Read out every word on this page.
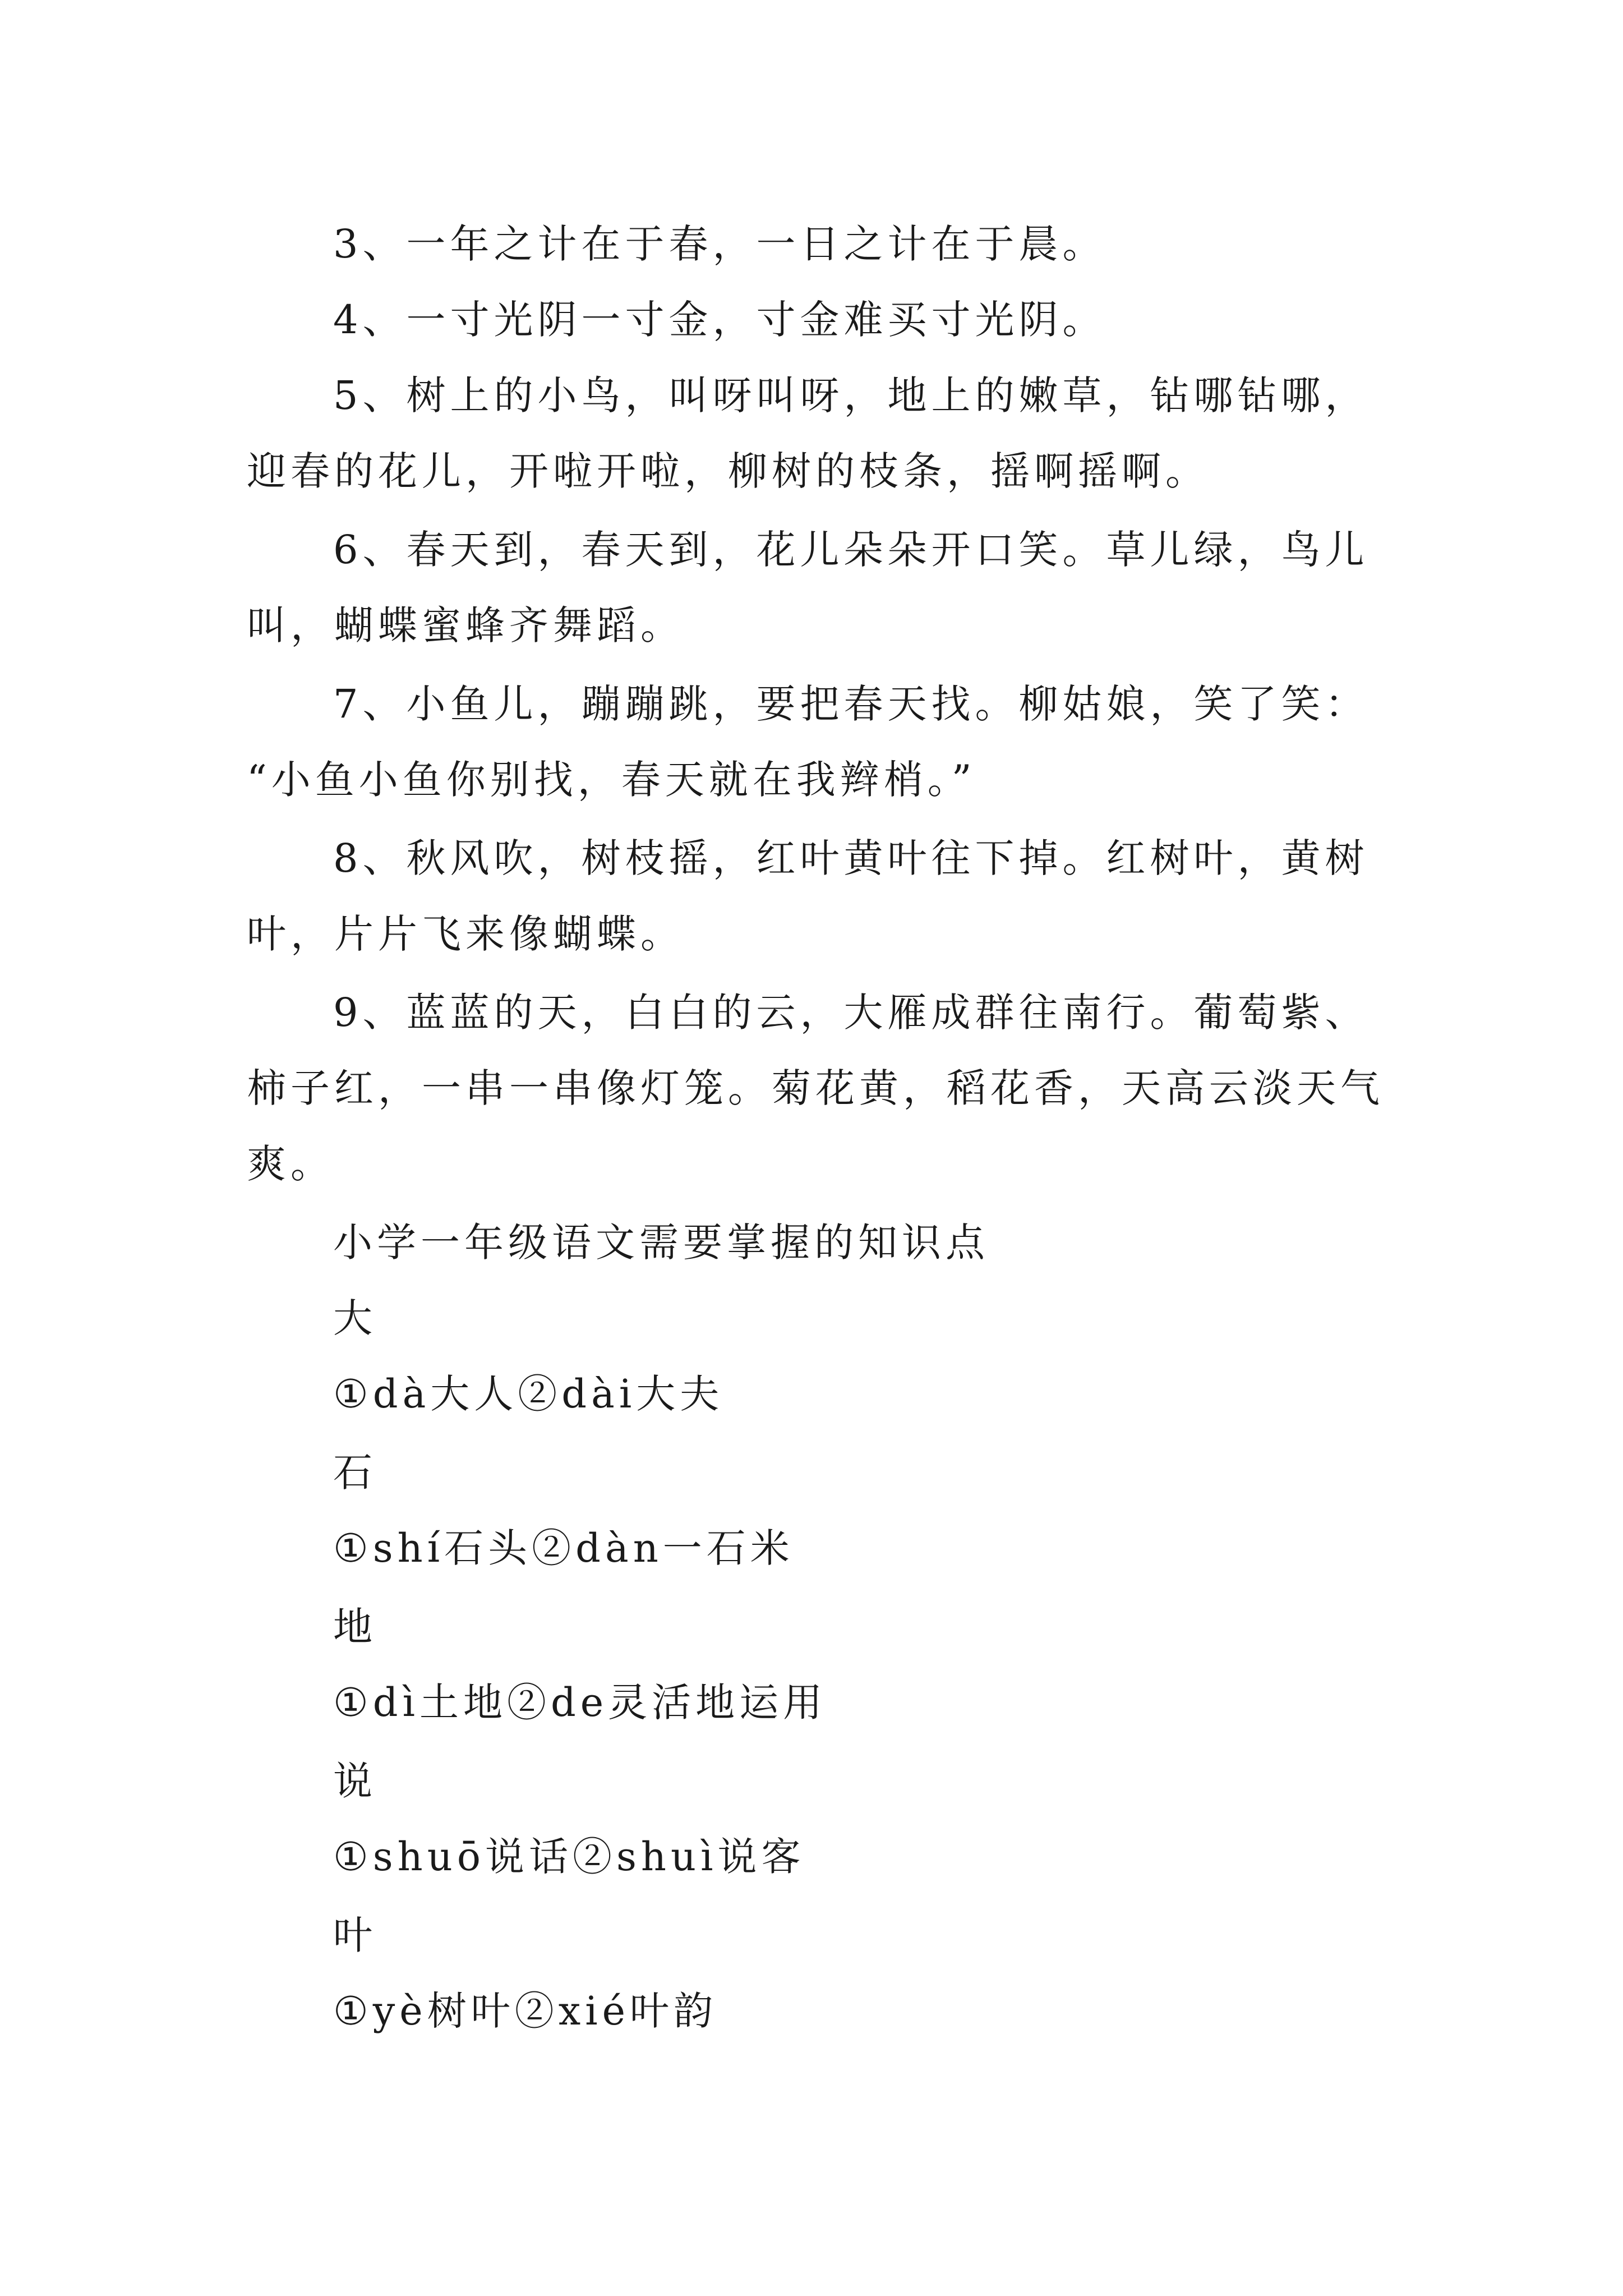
3、一年之计在于春，一日之计在于晨。
4、一寸光阴一寸金，寸金难买寸光阴。
5、树上的小鸟，叫呀叫呀，地上的嫩草，钻哪钻哪，
迎春的花儿，开啦开啦，柳树的枝条，摇啊摇啊。
6、春天到，春天到，花儿朵朵开口笑。草儿绿，鸟儿
叫，蝴蝶蜜蜂齐舞蹈。
7、小鱼儿，蹦蹦跳，要把春天找。柳姑娘，笑了笑：
“小鱼小鱼你别找，春天就在我辫梢。”
8、秋风吹，树枝摇，红叶黄叶往下掉。红树叶，黄树
叶，片片飞来像蝴蝶。
9、蓝蓝的天，白白的云，大雁成群往南行。葡萄紫、
柿子红，一串一串像灯笼。菊花黄，稻花香，天高云淡天气
爽。
小学一年级语文需要掌握的知识点
大
①dà大人②dài大夫
石
①shí石头②dàn一石米
地
①dì土地②de灵活地运用
说
①shuō说话②shuì说客
叶
①yè树叶②xié叶韵
